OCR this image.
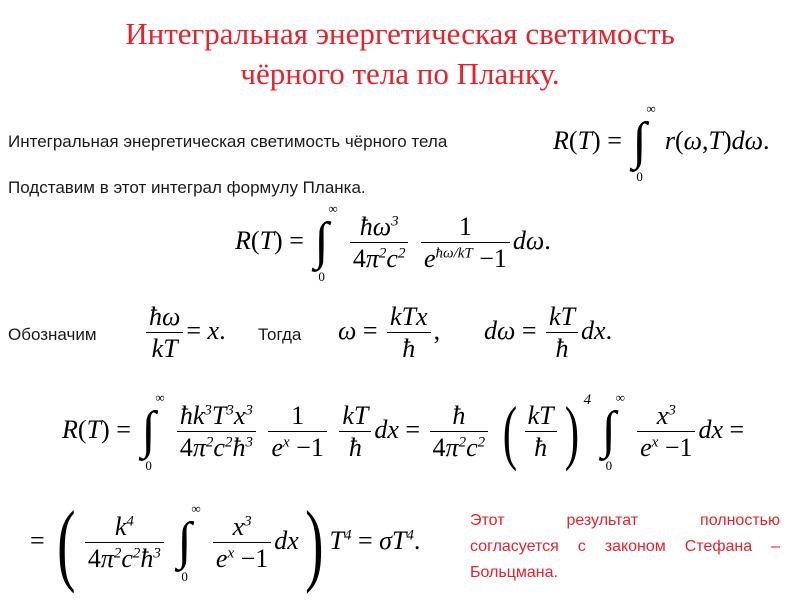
Интегральная энергетическая светимость
чёрного тела по Планку.
Интегральная энергетическая светимость чёрного тела
Подставим в этот интеграл формулу Планка.
Обозначим	Тогда
R(T) = ∫
∞
0
r(ω,T)dω.
R(T) = ∫
∞
0

$\frac{ħ\omega^3}{4\pi^2c^2}$
$\frac{1}{e^{ħ\omega/kT} -1} d\omega$.
$\frac{ħ\omega}{kT} = x$.	$\omega = \frac{\text{kTx}}{ħ}$ , $d\omega = \frac{kT}{ħ}$ dx.
R(T) = ∫
∞
0

$\frac{ħk^3T^3x^3}{4\pi^2c^2ħ^3}$
$\frac{1}{e^x -1}$
$\frac{kT}{ħ}$ dx = $\frac{ħ}{4\pi^2c^2}$ ( $\frac{kT}{ħ}$ ) $^4$
∫
∞
0

$\frac{x^3}{e^x -1}$ dx =
= ( $\frac{k^4}{4\pi^2c^2ħ^3}$
∫
∞
0

$\frac{x^3}{e^x -1} dx$) $T^4 = \sigma T^4$.
Этот результат полностью
согласуется с законом Стефана –
Больцмана.
